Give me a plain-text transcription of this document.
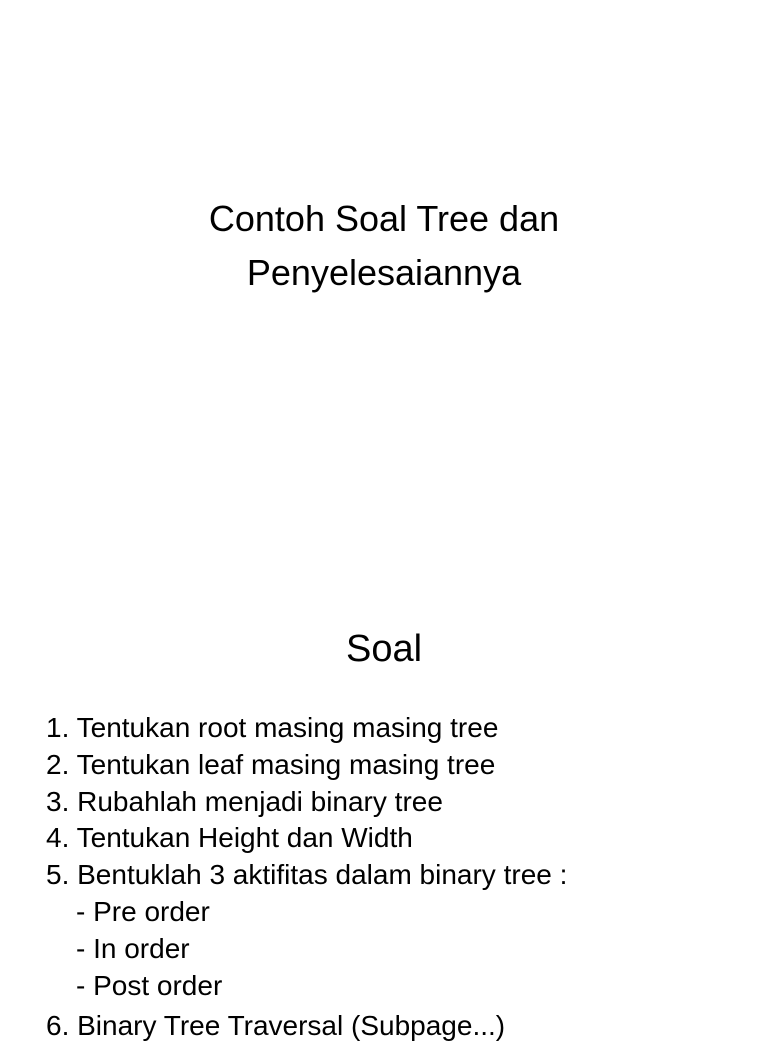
Contoh Soal Tree dan
Penyelesaiannya
Soal
1. Tentukan root masing masing tree
2. Tentukan leaf masing masing tree
3. Rubahlah menjadi binary tree
4. Tentukan Height dan Width
5. Bentuklah 3 aktifitas dalam binary tree :
- Pre order
- In order
- Post order
6. Binary Tree Traversal (Subpage...)
